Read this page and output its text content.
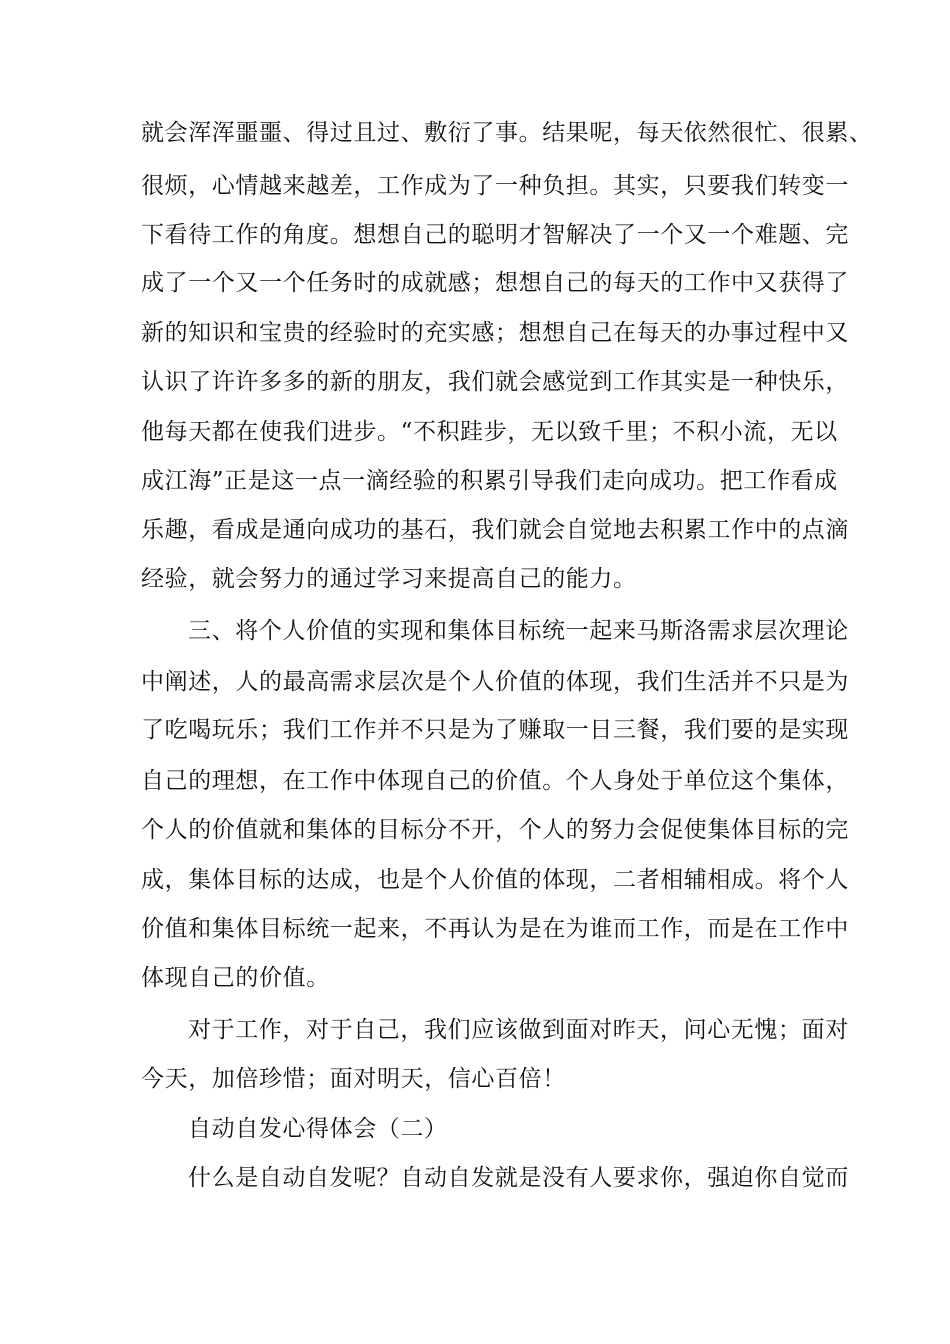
就会浑浑噩噩、得过且过、敷衍了事。结果呢，每天依然很忙、很累、

很烦，心情越来越差，工作成为了一种负担。其实，只要我们转变一

下看待工作的角度。想想自己的聪明才智解决了一个又一个难题、完

成了一个又一个任务时的成就感；想想自己的每天的工作中又获得了

新的知识和宝贵的经验时的充实感；想想自己在每天的办事过程中又

认识了许许多多的新的朋友，我们就会感觉到工作其实是一种快乐，

他每天都在使我们进步。“不积跬步，无以致千里；不积小流，无以

成江海”正是这一点一滴经验的积累引导我们走向成功。把工作看成

乐趣，看成是通向成功的基石，我们就会自觉地去积累工作中的点滴

经验，就会努力的通过学习来提高自己的能力。

三、将个人价值的实现和集体目标统一起来马斯洛需求层次理论

中阐述，人的最高需求层次是个人价值的体现，我们生活并不只是为

了吃喝玩乐；我们工作并不只是为了赚取一日三餐，我们要的是实现

自己的理想，在工作中体现自己的价值。个人身处于单位这个集体，

个人的价值就和集体的目标分不开，个人的努力会促使集体目标的完

成，集体目标的达成，也是个人价值的体现，二者相辅相成。将个人

价值和集体目标统一起来，不再认为是在为谁而工作，而是在工作中

体现自己的价值。

对于工作，对于自己，我们应该做到面对昨天，问心无愧；面对

今天，加倍珍惜；面对明天，信心百倍！

自动自发心得体会（二）

什么是自动自发呢？自动自发就是没有人要求你，强迫你自觉而
